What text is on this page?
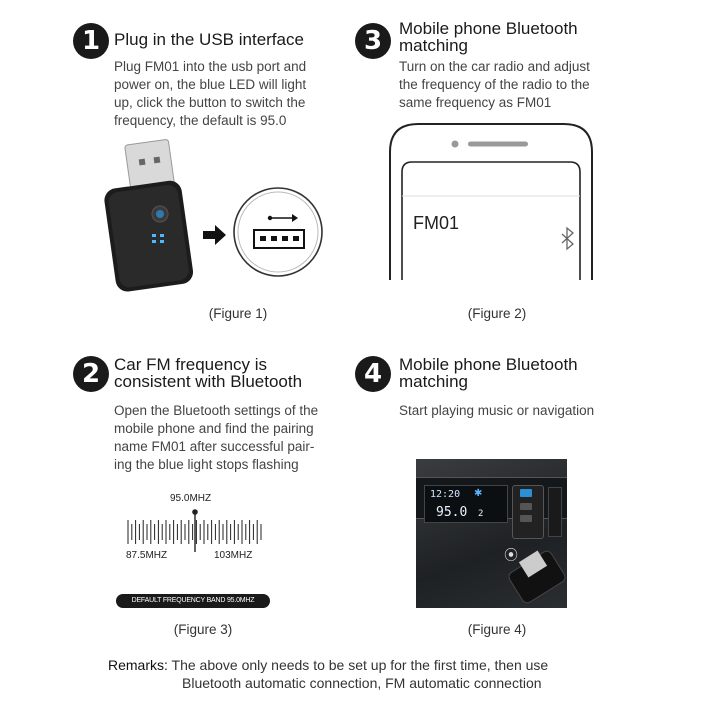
1 Plug in the USB interface
Plug FM01 into the usb port and
power on, the blue LED will light
up, click the button to switch the
frequency, the default is 95.0
(Figure 1)
3 Mobile phone Bluetooth
matching
Turn on the car radio and adjust
the frequency of the radio to the
same frequency as FM01
FM01
(Figure 2)
2 Car FM frequency is
consistent with Bluetooth
Open the Bluetooth settings of the
mobile phone and find the pairing
name FM01 after successful pair-
ing the blue light stops flashing
95.0MHZ
87.5MHZ	103MHZ
DEFAULT FREQUENCY BAND 95.0MHZ
(Figure 3)
4 Mobile phone Bluetooth
matching
Start playing music or navigation
12:20 ✱
95.0 2
⦿
(Figure 4)
Remarks: The above only needs to be set up for the first time, then use
Bluetooth automatic connection, FM automatic connection
